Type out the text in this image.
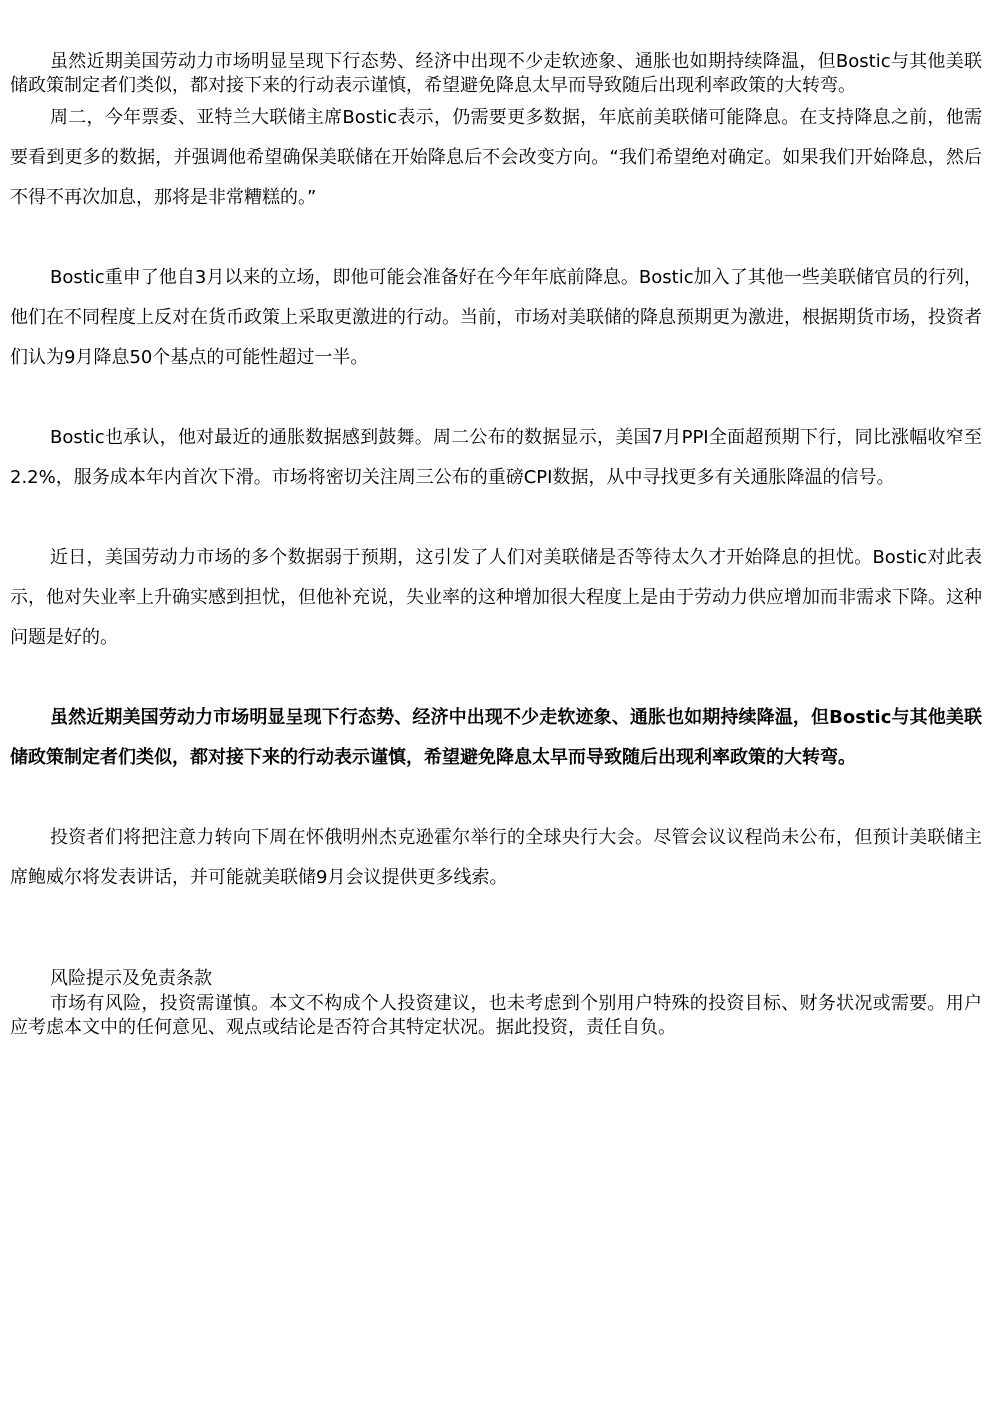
虽然近期美国劳动力市场明显呈现下行态势、经济中出现不少走软迹象、通胀也如期持续降温，但Bostic与其他美联储政策制定者们类似，都对接下来的行动表示谨慎，希望避免降息太早而导致随后出现利率政策的大转弯。

周二，今年票委、亚特兰大联储主席Bostic表示，仍需要更多数据，年底前美联储可能降息。在支持降息之前，他需要看到更多的数据，并强调他希望确保美联储在开始降息后不会改变方向。“我们希望绝对确定。如果我们开始降息，然后不得不再次加息，那将是非常糟糕的。”

Bostic重申了他自3月以来的立场，即他可能会准备好在今年年底前降息。Bostic加入了其他一些美联储官员的行列，他们在不同程度上反对在货币政策上采取更激进的行动。当前，市场对美联储的降息预期更为激进，根据期货市场，投资者们认为9月降息50个基点的可能性超过一半。

Bostic也承认，他对最近的通胀数据感到鼓舞。周二公布的数据显示，美国7月PPI全面超预期下行，同比涨幅收窄至2.2%，服务成本年内首次下滑。市场将密切关注周三公布的重磅CPI数据，从中寻找更多有关通胀降温的信号。

近日，美国劳动力市场的多个数据弱于预期，这引发了人们对美联储是否等待太久才开始降息的担忧。Bostic对此表示，他对失业率上升确实感到担忧，但他补充说，失业率的这种增加很大程度上是由于劳动力供应增加而非需求下降。这种问题是好的。

虽然近期美国劳动力市场明显呈现下行态势、经济中出现不少走软迹象、通胀也如期持续降温，但Bostic与其他美联储政策制定者们类似，都对接下来的行动表示谨慎，希望避免降息太早而导致随后出现利率政策的大转弯。

投资者们将把注意力转向下周在怀俄明州杰克逊霍尔举行的全球央行大会。尽管会议议程尚未公布，但预计美联储主席鲍威尔将发表讲话，并可能就美联储9月会议提供更多线索。

风险提示及免责条款

市场有风险，投资需谨慎。本文不构成个人投资建议，也未考虑到个别用户特殊的投资目标、财务状况或需要。用户应考虑本文中的任何意见、观点或结论是否符合其特定状况。据此投资，责任自负。
